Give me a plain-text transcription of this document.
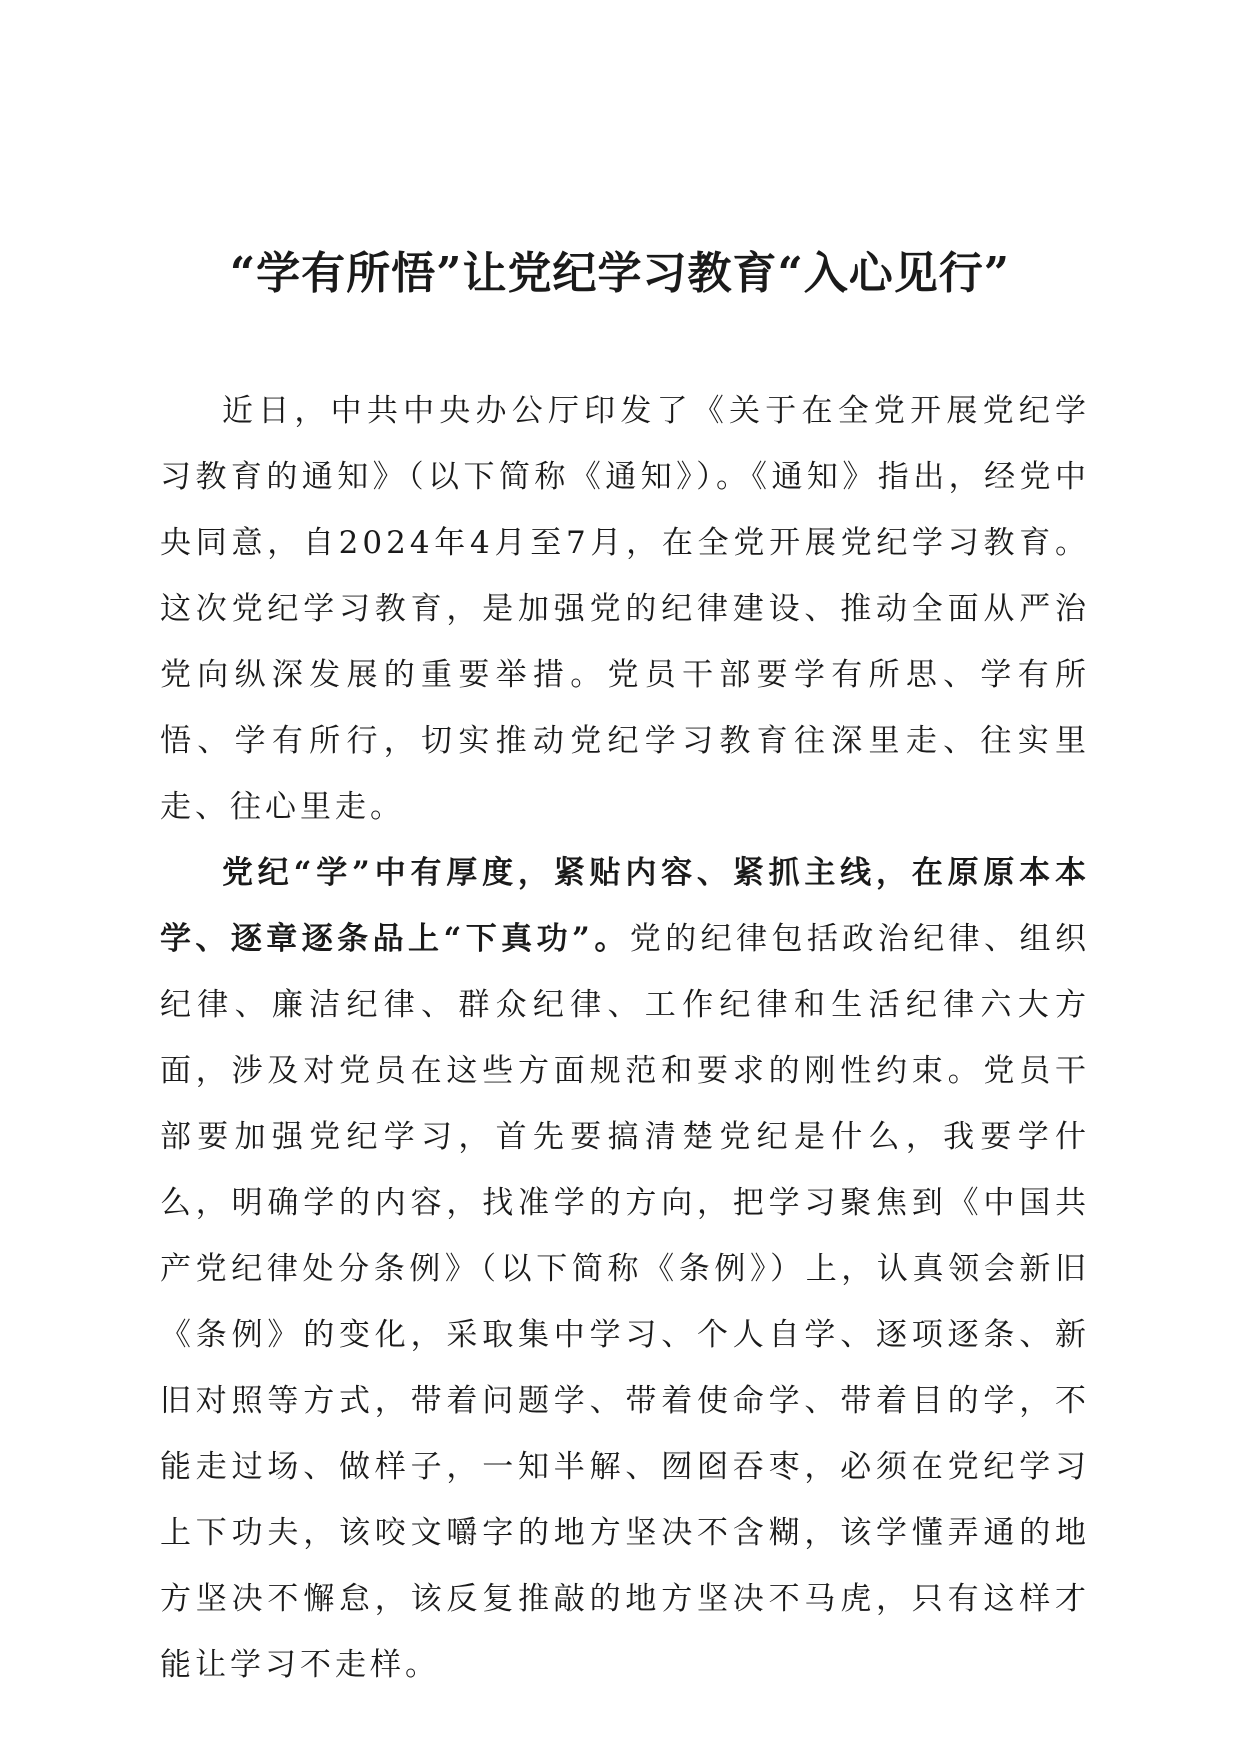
“学有所悟”让党纪学习教育“入心见行”

近日，中共中央办公厅印发了《关于在全党开展党纪学习教育的通知》（以下简称《通知》）。《通知》指出，经党中央同意，自2024年4月至7月，在全党开展党纪学习教育。这次党纪学习教育，是加强党的纪律建设、推动全面从严治党向纵深发展的重要举措。党员干部要学有所思、学有所悟、学有所行，切实推动党纪学习教育往深里走、往实里走、往心里走。

党纪“学”中有厚度，紧贴内容、紧抓主线，在原原本本学、逐章逐条品上“下真功”。党的纪律包括政治纪律、组织纪律、廉洁纪律、群众纪律、工作纪律和生活纪律六大方面，涉及对党员在这些方面规范和要求的刚性约束。党员干部要加强党纪学习，首先要搞清楚党纪是什么，我要学什么，明确学的内容，找准学的方向，把学习聚焦到《中国共产党纪律处分条例》（以下简称《条例》）上，认真领会新旧《条例》的变化，采取集中学习、个人自学、逐项逐条、新旧对照等方式，带着问题学、带着使命学、带着目的学，不能走过场、做样子，一知半解、囫囵吞枣，必须在党纪学习上下功夫，该咬文嚼字的地方坚决不含糊，该学懂弄通的地方坚决不懈怠，该反复推敲的地方坚决不马虎，只有这样才能让学习不走样。
